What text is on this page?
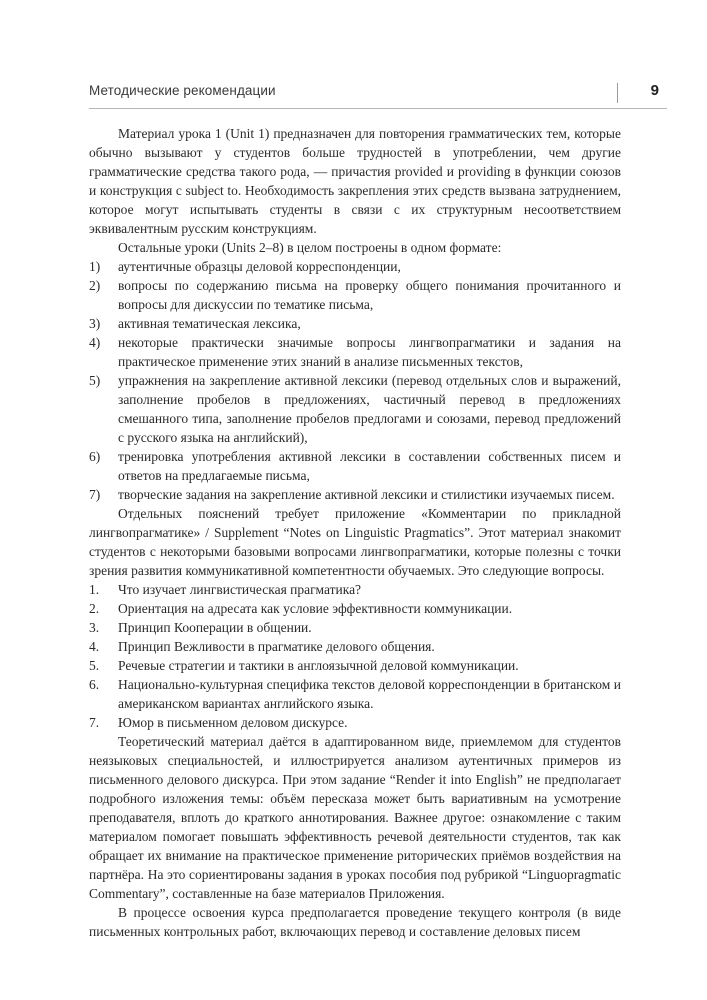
Методические рекомендации	9

Материал урока 1 (Unit 1) предназначен для повторения грамматических тем, которые обычно вызывают у студентов больше трудностей в употреблении, чем другие грамматические средства такого рода, — причастия provided и providing в функции союзов и конструкция с subject to. Необходимость закрепления этих средств вызвана затруднением, которое могут испытывать студенты в связи с их структурным несоответствием эквивалентным русским конструкциям.

Остальные уроки (Units 2–8) в целом построены в одном формате:

1) аутентичные образцы деловой корреспонденции,
2) вопросы по содержанию письма на проверку общего понимания прочитанного и вопросы для дискуссии по тематике письма,
3) активная тематическая лексика,
4) некоторые практически значимые вопросы лингвопрагматики и задания на практическое применение этих знаний в анализе письменных текстов,
5) упражнения на закрепление активной лексики (перевод отдельных слов и выражений, заполнение пробелов в предложениях, частичный перевод в предложениях смешанного типа, заполнение пробелов предлогами и союзами, перевод предложений с русского языка на английский),
6) тренировка употребления активной лексики в составлении собственных писем и ответов на предлагаемые письма,
7) творческие задания на закрепление активной лексики и стилистики изучаемых писем.

Отдельных пояснений требует приложение «Комментарии по прикладной лингвопрагматике» / Supplement “Notes on Linguistic Pragmatics”. Этот материал знакомит студентов с некоторыми базовыми вопросами лингвопрагматики, которые полезны с точки зрения развития коммуникативной компетентности обучаемых. Это следующие вопросы.

1. Что изучает лингвистическая прагматика?
2. Ориентация на адресата как условие эффективности коммуникации.
3. Принцип Кооперации в общении.
4. Принцип Вежливости в прагматике делового общения.
5. Речевые стратегии и тактики в англоязычной деловой коммуникации.
6. Национально-культурная специфика текстов деловой корреспонденции в британском и американском вариантах английского языка.
7. Юмор в письменном деловом дискурсе.

Теоретический материал даётся в адаптированном виде, приемлемом для студентов неязыковых специальностей, и иллюстрируется анализом аутентичных примеров из письменного делового дискурса. При этом задание “Render it into English” не предполагает подробного изложения темы: объём пересказа может быть вариативным на усмотрение преподавателя, вплоть до краткого аннотирования. Важнее другое: ознакомление с таким материалом помогает повышать эффективность речевой деятельности студентов, так как обращает их внимание на практическое применение риторических приёмов воздействия на партнёра. На это сориентированы задания в уроках пособия под рубрикой “Linguopragmatic Commentary”, составленные на базе материалов Приложения.

В процессе освоения курса предполагается проведение текущего контроля (в виде письменных контрольных работ, включающих перевод и составление деловых писем
